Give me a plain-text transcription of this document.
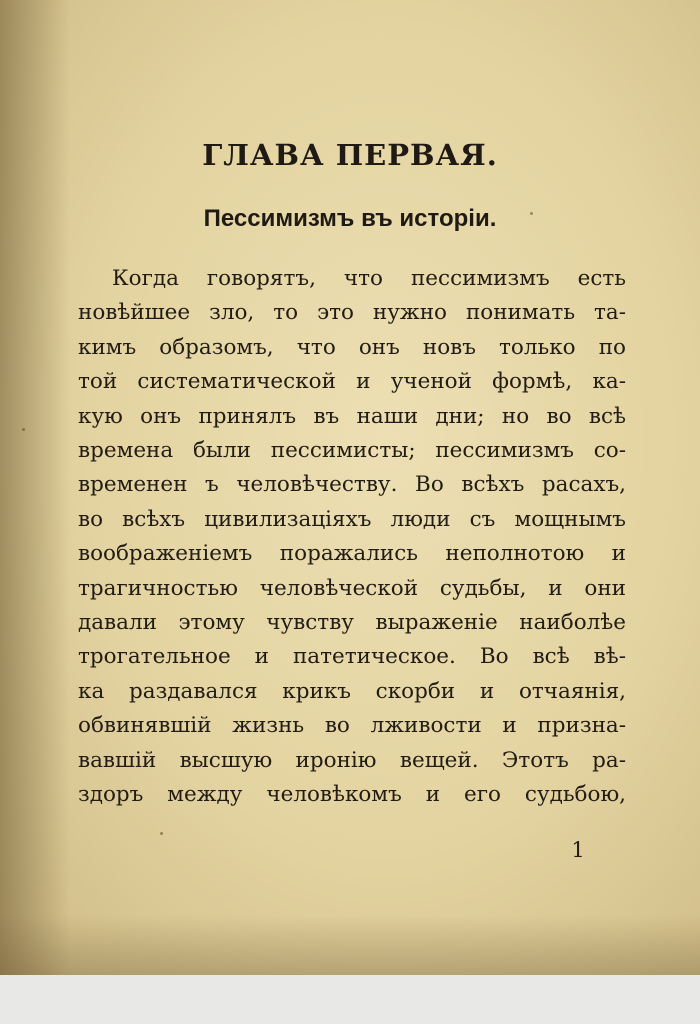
ГЛАВА ПЕРВАЯ.
Пессимизмъ въ исторіи.
Когда говорятъ, что пессимизмъ есть
новѣйшее зло, то это нужно понимать та-
кимъ образомъ, что онъ новъ только по
той систематической и ученой формѣ, ка-
кую онъ принялъ въ наши дни; но во всѣ
времена были пессимисты; пессимизмъ со-
временен ъ человѣчеству. Во всѣхъ расахъ,
во всѣхъ цивилизаціяхъ люди съ мощнымъ
воображеніемъ поражались неполнотою и
трагичностью человѣческой судьбы, и они
давали этому чувству выраженіе наиболѣе
трогательное и патетическое. Во всѣ вѣ-
ка раздавался крикъ скорби и отчаянія,
обвинявшій жизнь во лживости и призна-
вавшій высшую иронію вещей. Этотъ ра-
здоръ между человѣкомъ и его судьбою,
1
